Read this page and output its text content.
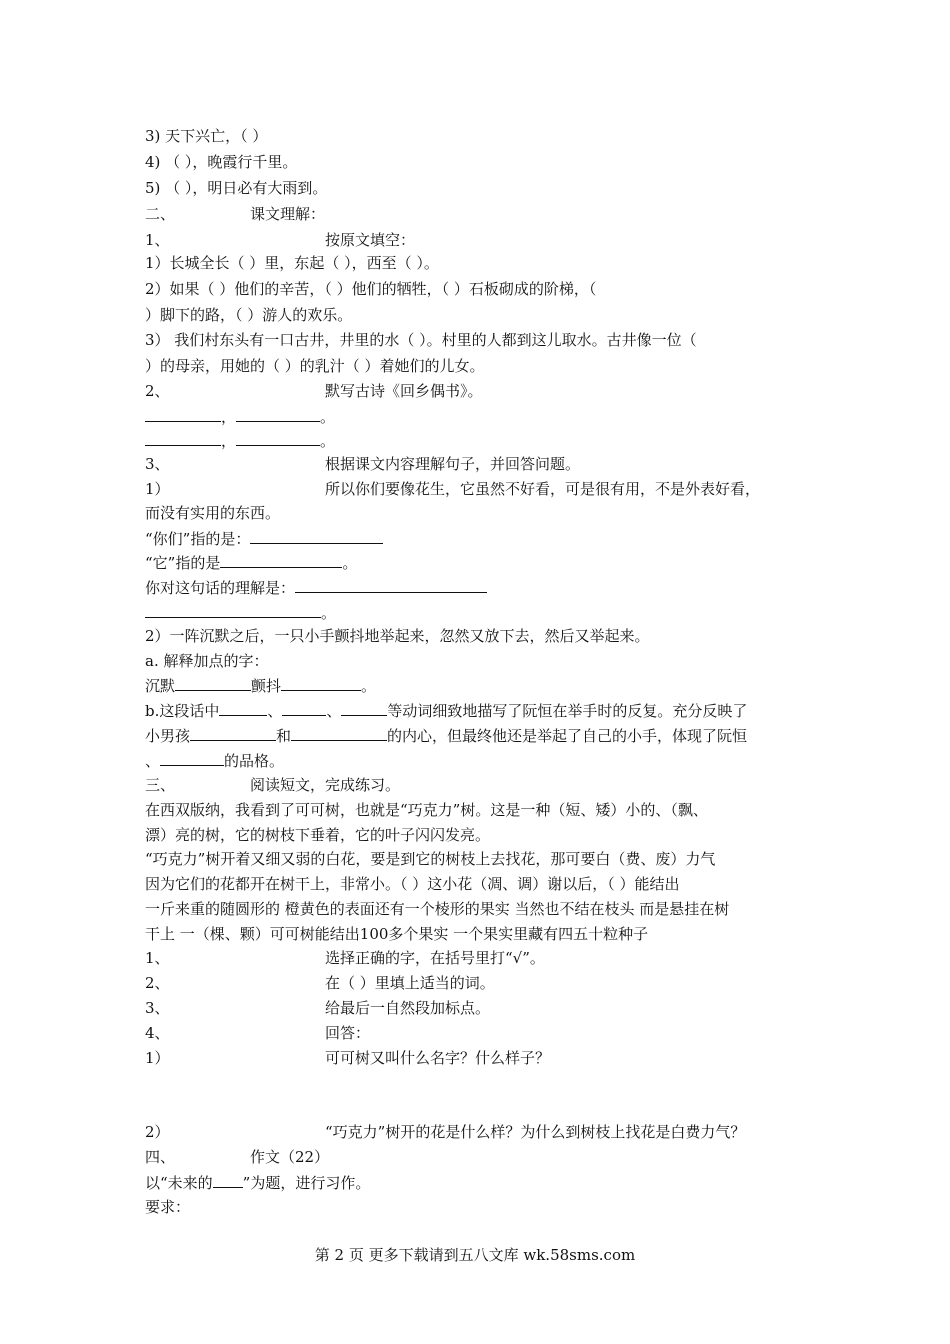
3) 天下兴亡，（ ）
4) （ ），晚霞行千里。
5) （ ），明日必有大雨到。
二、	课文理解：
1、	按原文填空：
1）长城全长（ ）里，东起（ ），西至（ ）。
2）如果（ ）他们的辛苦，（ ）他们的牺牲，（ ）石板砌成的阶梯，（
）脚下的路，（ ）游人的欢乐。
3） 我们村东头有一口古井，井里的水（ ）。村里的人都到这儿取水。古井像一位（
）的母亲，用她的（ ）的乳汁（ ）着她们的儿女。
2、	默写古诗《回乡偶书》。
，	。
，	。
3、	根据课文内容理解句子，并回答问题。
1）	所以你们要像花生，它虽然不好看，可是很有用，不是外表好看，
而没有实用的东西。
“你们”指的是：
“它”指的是	。
你对这句话的理解是：
。
2）一阵沉默之后，一只小手颤抖地举起来，忽然又放下去，然后又举起来。
a. 解释加点的字：
沉默	颤抖	。
b.这段话中	、	、	等动词细致地描写了阮恒在举手时的反复。充分反映了
小男孩	和	的内心，但最终他还是举起了自己的小手，体现了阮恒
、	的品格。
三、	阅读短文，完成练习。
在西双版纳，我看到了可可树，也就是“巧克力”树。这是一种（短、矮）小的、（飘、
漂）亮的树，它的树枝下垂着，它的叶子闪闪发亮。
“巧克力”树开着又细又弱的白花，要是到它的树枝上去找花，那可要白（费、废）力气
因为它们的花都开在树干上，非常小。（ ）这小花（凋、调）谢以后，（ ）能结出
一斤来重的随圆形的 橙黄色的表面还有一个棱形的果实 当然也不结在枝头 而是悬挂在树
干上 一（棵、颗）可可树能结出100多个果实 一个果实里藏有四五十粒种子
1、	选择正确的字，在括号里打“√”。
2、	在（ ）里填上适当的词。
3、	给最后一自然段加标点。
4、	回答：
1）	可可树又叫什么名字？什么样子？
2）	“巧克力”树开的花是什么样？为什么到树枝上找花是白费力气？
四、	作文（22）
以“未来的 ”为题，进行习作。
要求：
第 2 页 更多下载请到五八文库 wk.58sms.com
